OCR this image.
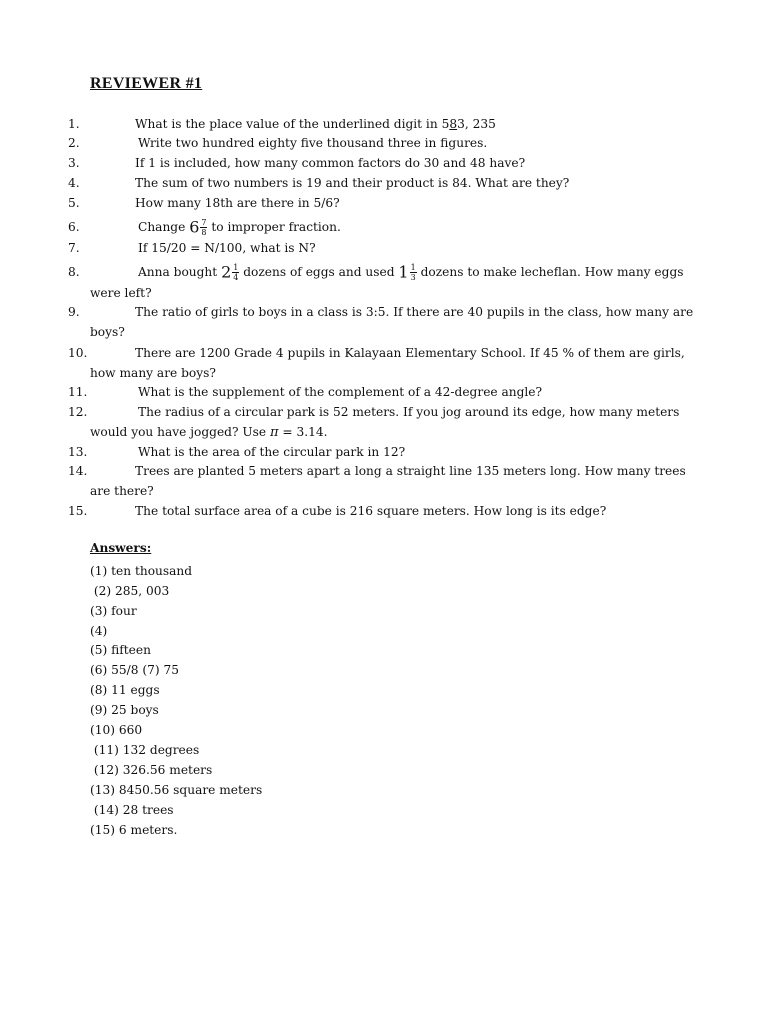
REVIEWER #1
1.	What is the place value of the underlined digit in 583, 235
2.	Write two hundred eighty five thousand three in figures.
3.	If 1 is included, how many common factors do 30 and 48 have?
4.	The sum of two numbers is 19 and their product is 84. What are they?
5.	How many 18th are there in 5/6?
6.	Change $6 \frac{7}{8}$ to improper fraction.
7.	If 15/20 = N/100, what is N?
8.	Anna bought $2 \frac{1}{4}$ dozens of eggs and used $1 \frac{1}{3}$ dozens to make lecheflan. How many eggs
were left?
9.	The ratio of girls to boys in a class is 3:5. If there are 40 pupils in the class, how many are
boys?
10.	There are 1200 Grade 4 pupils in Kalayaan Elementary School. If 45 % of them are girls,
how many are boys?
11.	What is the supplement of the complement of a 42-degree angle?
12.	The radius of a circular park is 52 meters. If you jog around its edge, how many meters
would you have jogged? Use π = 3.14.
13.	What is the area of the circular park in 12?
14.	Trees are planted 5 meters apart a long a straight line 135 meters long. How many trees
are there?
15.	The total surface area of a cube is 216 square meters. How long is its edge?
Answers:
(1) ten thousand
(2) 285, 003
(3) four
(4)
(5) fifteen
(6) 55/8 (7) 75
(8) 11 eggs
(9) 25 boys
(10) 660
(11) 132 degrees
(12) 326.56 meters
(13) 8450.56 square meters
(14) 28 trees
(15) 6 meters.
